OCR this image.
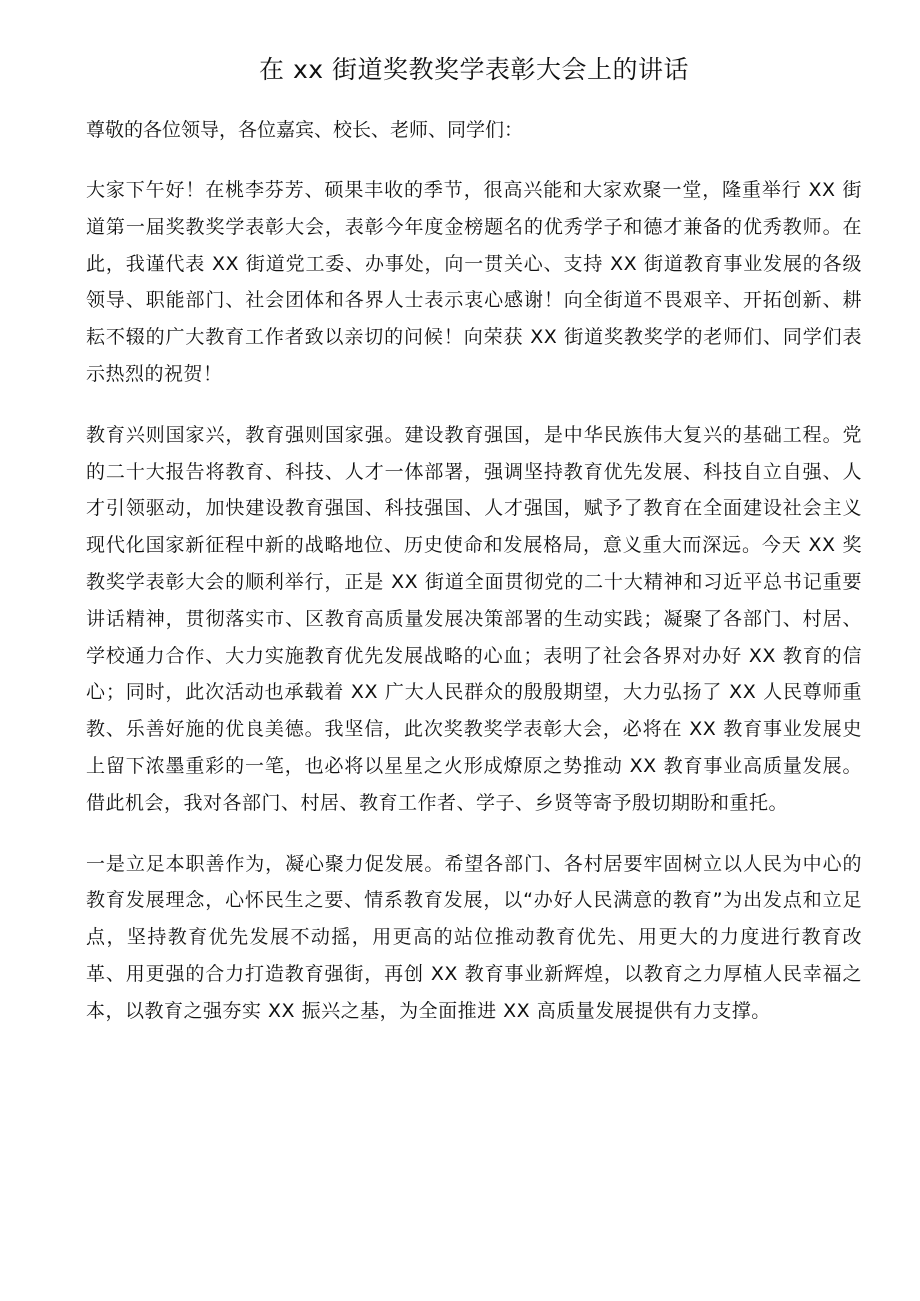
在 xx 街道奖教奖学表彰大会上的讲话

尊敬的各位领导，各位嘉宾、校长、老师、同学们：

大家下午好！在桃李芬芳、硕果丰收的季节，很高兴能和大家欢聚一堂，隆重举行 XX 街道第一届奖教奖学表彰大会，表彰今年度金榜题名的优秀学子和德才兼备的优秀教师。在此，我谨代表 XX 街道党工委、办事处，向一贯关心、支持 XX 街道教育事业发展的各级领导、职能部门、社会团体和各界人士表示衷心感谢！向全街道不畏艰辛、开拓创新、耕耘不辍的广大教育工作者致以亲切的问候！向荣获 XX 街道奖教奖学的老师们、同学们表示热烈的祝贺！

教育兴则国家兴，教育强则国家强。建设教育强国，是中华民族伟大复兴的基础工程。党的二十大报告将教育、科技、人才一体部署，强调坚持教育优先发展、科技自立自强、人才引领驱动，加快建设教育强国、科技强国、人才强国，赋予了教育在全面建设社会主义现代化国家新征程中新的战略地位、历史使命和发展格局，意义重大而深远。今天 XX 奖教奖学表彰大会的顺利举行，正是 XX 街道全面贯彻党的二十大精神和习近平总书记重要讲话精神，贯彻落实市、区教育高质量发展决策部署的生动实践；凝聚了各部门、村居、学校通力合作、大力实施教育优先发展战略的心血；表明了社会各界对办好 XX 教育的信心；同时，此次活动也承载着 XX 广大人民群众的殷殷期望，大力弘扬了 XX 人民尊师重教、乐善好施的优良美德。我坚信，此次奖教奖学表彰大会，必将在 XX 教育事业发展史上留下浓墨重彩的一笔，也必将以星星之火形成燎原之势推动 XX 教育事业高质量发展。借此机会，我对各部门、村居、教育工作者、学子、乡贤等寄予殷切期盼和重托。

一是立足本职善作为，凝心聚力促发展。希望各部门、各村居要牢固树立以人民为中心的教育发展理念，心怀民生之要、情系教育发展，以“办好人民满意的教育”为出发点和立足点，坚持教育优先发展不动摇，用更高的站位推动教育优先、用更大的力度进行教育改革、用更强的合力打造教育强街，再创 XX 教育事业新辉煌，以教育之力厚植人民幸福之本，以教育之强夯实 XX 振兴之基，为全面推进 XX 高质量发展提供有力支撑。
